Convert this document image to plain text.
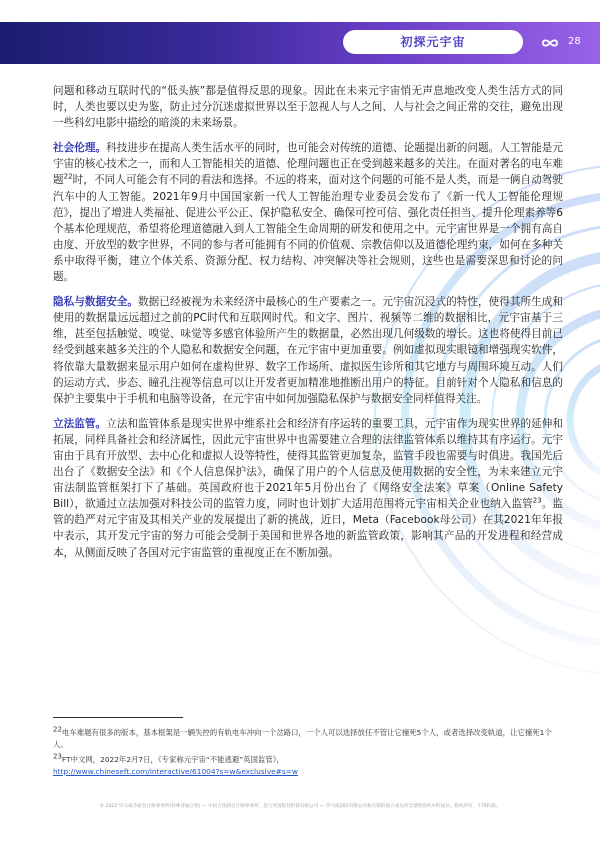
初探元宇宙	28

问题和移动互联时代的“低头族”都是值得反思的现象。因此在未来元宇宙悄无声息地改变人类生活方式的同时，人类也要以史为鉴，防止过分沉迷虚拟世界以至于忽视人与人之间、人与社会之间正常的交往，避免出现一些科幻电影中描绘的暗淡的未来场景。

社会伦理。科技进步在提高人类生活水平的同时，也可能会对传统的道德、论题提出新的问题。人工智能是元宇宙的核心技术之一，而和人工智能相关的道德、伦理问题也正在受到越来越多的关注。在面对著名的电车难题$^{22}$时，不同人可能会有不同的看法和选择。不远的将来，面对这个问题的可能不是人类，而是一俩自动驾驶汽车中的人工智能。2021年9月中国国家新一代人工智能治理专业委员会发布了《新一代人工智能伦理规范》，提出了增进人类福祉、促进公平公正、保护隐私安全、确保可控可信、强化责任担当、提升伦理素养等6个基本伦理规范，希望将伦理道德融入到人工智能全生命周期的研发和使用之中。元宇宙世界是一个拥有高自由度、开放型的数字世界，不同的参与者可能拥有不同的价值观、宗教信仰以及道德伦理约束，如何在多种关系中取得平衡，建立个体关系、资源分配、权力结构、冲突解决等社会规则，这些也是需要深思和讨论的问题。

隐私与数据安全。数据已经被视为未来经济中最核心的生产要素之一。元宇宙沉浸式的特性，使得其所生成和使用的数据量远远超过之前的PC时代和互联网时代。和文字、图片、视频等二维的数据相比，元宇宙基于三维，甚至包括触觉、嗅觉、味觉等多感官体验所产生的数据量，必然出现几何级数的增长。这也将使得目前已经受到越来越多关注的个人隐私和数据安全问题，在元宇宙中更加重要。例如虚拟现实眼镜和增强现实软件，将依靠大量数据来显示用户如何在虚构世界、数字工作场所、虚拟医生诊所和其它地方与周围环境互动。人们的运动方式、步态、瞳孔注视等信息可以让开发者更加精准地推断出用户的特征。目前针对个人隐私和信息的保护主要集中于手机和电脑等设备，在元宇宙中如何加强隐私保护与数据安全同样值得关注。

立法监管。立法和监管体系是现实世界中维系社会和经济有序运转的重要工具，元宇宙作为现实世界的延伸和拓展，同样具备社会和经济属性，因此元宇宙世界中也需要建立合理的法律监管体系以维持其有序运行。元宇宙由于具有开放型、去中心化和虚拟人设等特性，使得其监管更加复杂，监管手段也需要与时俱进。我国先后出台了《数据安全法》和《个人信息保护法》，确保了用户的个人信息及使用数据的安全性，为未来建立元宇宙法制监管框架打下了基础。英国政府也于2021年5月份出台了《网络安全法案》草案（Online Safety Bill），欲通过立法加强对科技公司的监管力度，同时也计划扩大适用范围将元宇宙相关企业也纳入监管$^{23}$。监管的趋严对元宇宙及其相关产业的发展提出了新的挑战，近日，Meta（Facebook母公司）在其2021年年报中表示，其开发元宇宙的努力可能会受制于美国和世界各地的新监管政策，影响其产品的开发进程和经营成本，从侧面反映了各国对元宇宙监管的重视度正在不断加强。

$^{22}$电车难题有很多的版本，基本框架是一辆失控的有轨电车冲向一个岔路口，一个人可以选择放任不管让它撞死5个人，或者选择改变轨道，让它撞死1个人。

$^{23}$FT中文网，2022年2月7日，《专家称元宇宙“不能逃避”英国监管》，
http://www.chineseft.com/interactive/61004?s=w&exclusive#s=w

© 2022 毕马威华振会计师事务所(特殊普通合伙) — 中国合伙制会计师事务所，是与英国私营担保有限公司 — 毕马威国际有限公司相关联的独立成员所全球性组织中的成员。版权所有，不得转载。
